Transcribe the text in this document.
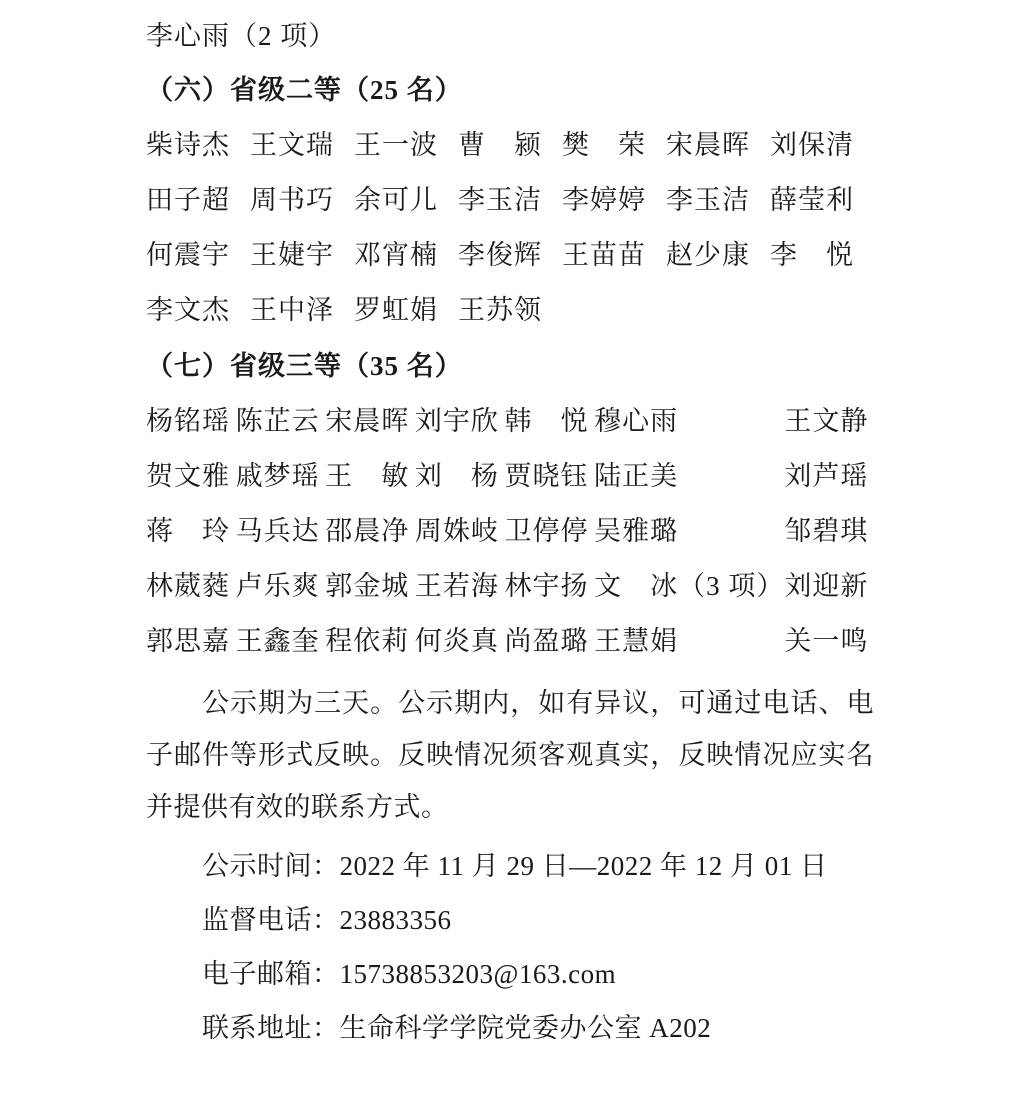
李心雨（2 项）
（六）省级二等（25 名）
柴诗杰 王文瑞 王一波 曹　颍 樊　荣 宋晨晖 刘保清
田子超 周书巧 余可儿 李玉洁 李婷婷 李玉洁 薛莹利
何震宇 王婕宇 邓宵楠 李俊辉 王苗苗 赵少康 李　悦
李文杰 王中泽 罗虹娟 王苏领
（七）省级三等（35 名）
杨铭瑶 陈芷云 宋晨晖 刘宇欣 韩　悦 穆心雨	王文静
贺文雅 戚梦瑶 王　敏 刘　杨 贾晓钰 陆正美	刘芦瑶
蒋　玲 马兵达 邵晨净 周姝岐 卫停停 吴雅璐	邹碧琪
林葳蕤 卢乐爽 郭金城 王若海 林宇扬 文　冰（3 项） 刘迎新
郭思嘉 王鑫奎 程依莉 何炎真 尚盈璐 王慧娟	关一鸣
公示期为三天。公示期内，如有异议，可通过电话、电子邮件等形式反映。反映情况须客观真实，反映情况应实名并提供有效的联系方式。
公示时间：2022 年 11 月 29 日—2022 年 12 月 01 日
监督电话：23883356
电子邮箱：15738853203@163.com
联系地址：生命科学学院党委办公室 A202
